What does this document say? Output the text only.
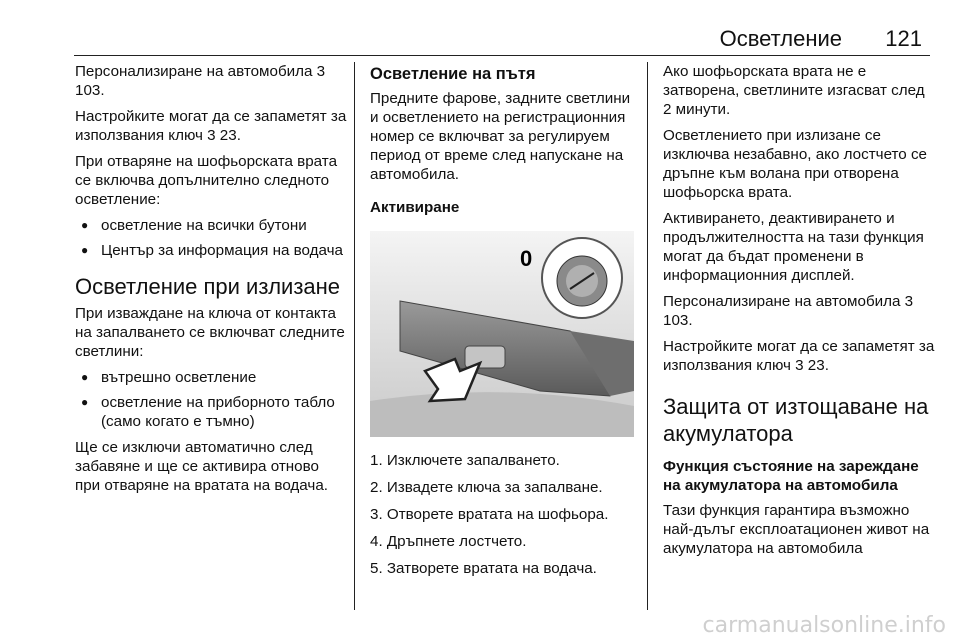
Осветление 121

Персонализиране на автомобила 3 103.

Настройките могат да се запаметят за използвания ключ 3 23.

При отваряне на шофьорската врата се включва допълнително следното осветление:

● осветление на всички бутони
● Център за информация на водача
Осветление при излизане

При изваждане на ключа от контакта на запалването се включват следните светлини:

● вътрешно осветление
● осветление на приборното табло (само когато е тъмно)

Ще се изключи автоматично след забавяне и ще се активира отново при отваряне на вратата на водача.

Осветление на пътя

Предните фарове, задните светлини и осветлението на регистрационния номер се включват за регулируем период от време след напускане на автомобила.

Активиране
0
1. Изключете запалването.
2. Извадете ключа за запалване.
3. Отворете вратата на шофьора.
4. Дръпнете лостчето.
5. Затворете вратата на водача.

Ако шофьорската врата не е затворена, светлините изгасват след 2 минути.

Осветлението при излизане се изключва незабавно, ако лостчето се дръпне към волана при отворена шофьорска врата.

Активирането, деактивирането и продължителността на тази функция могат да бъдат променени в информационния дисплей.

Персонализиране на автомобила 3 103.

Настройките могат да се запаметят за използвания ключ 3 23.

Защита от изтощаване на акумулатора
Функция състояние на зареждане на акумулатора на автомобила

Тази функция гарантира възможно най-дълъг експлоатационен живот на акумулатора на автомобила

carmanualsonline.info
